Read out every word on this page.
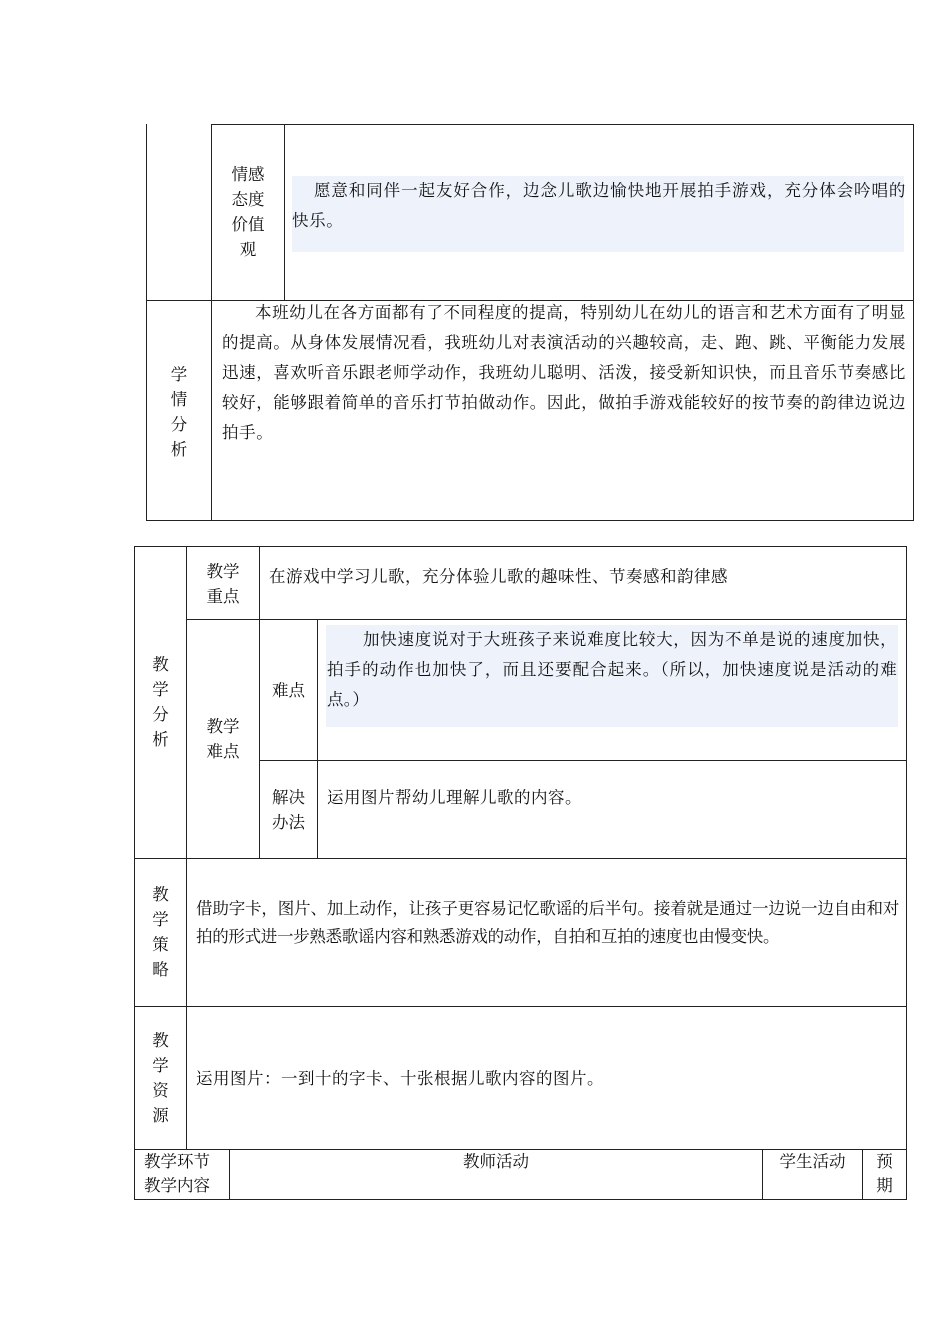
情感
态度
价值
观
愿意和同伴一起友好合作，边念儿歌边愉快地开展拍手游戏，充分体会吟唱的快乐。
学
情
分
析
本班幼儿在各方面都有了不同程度的提高，特别幼儿在幼儿的语言和艺术方面有了明显的提高。从身体发展情况看，我班幼儿对表演活动的兴趣较高，走、跑、跳、平衡能力发展迅速，喜欢听音乐跟老师学动作，我班幼儿聪明、活泼，接受新知识快，而且音乐节奏感比较好，能够跟着简单的音乐打节拍做动作。因此，做拍手游戏能较好的按节奏的韵律边说边拍手。
教
学
分
析
教学
重点
在游戏中学习儿歌，充分体验儿歌的趣味性、节奏感和韵律感
教学
难点
难点
加快速度说对于大班孩子来说难度比较大，因为不单是说的速度加快，拍手的动作也加快了，而且还要配合起来。（所以，加快速度说是活动的难点。）
解决
办法
运用图片帮幼儿理解儿歌的内容。
教
学
策
略
借助字卡，图片、加上动作，让孩子更容易记忆歌谣的后半句。接着就是通过一边说一边自由和对拍的形式进一步熟悉歌谣内容和熟悉游戏的动作，自拍和互拍的速度也由慢变快。
教
学
资
源
运用图片：一到十的字卡、十张根据儿歌内容的图片。
教学环节
教学内容
教师活动	学生活动	预
期
